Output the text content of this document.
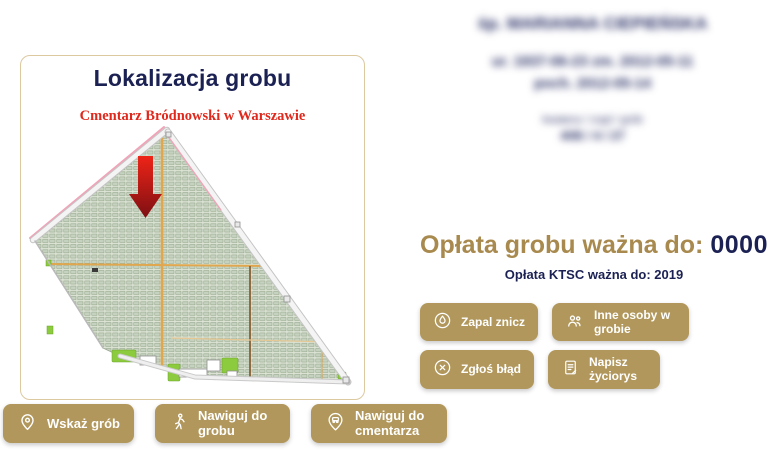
Lokalizacja grobu
Cmentarz Bródnowski w Warszawie
śp. MARIANNA CIEPIEŃSKA
ur. 1937-06-23 zm. 2012-05-11
poch. 2012-05-14
kwatera / rząd / grób
40B / 4 / 27
Opłata grobu ważna do: 0000
Opłata KTSC ważna do: 2019
Zapal znicz
Inne osoby w grobie
Zgłoś błąd
Napisz życiorys
Wskaż grób
Nawiguj do grobu
Nawiguj do cmentarza
